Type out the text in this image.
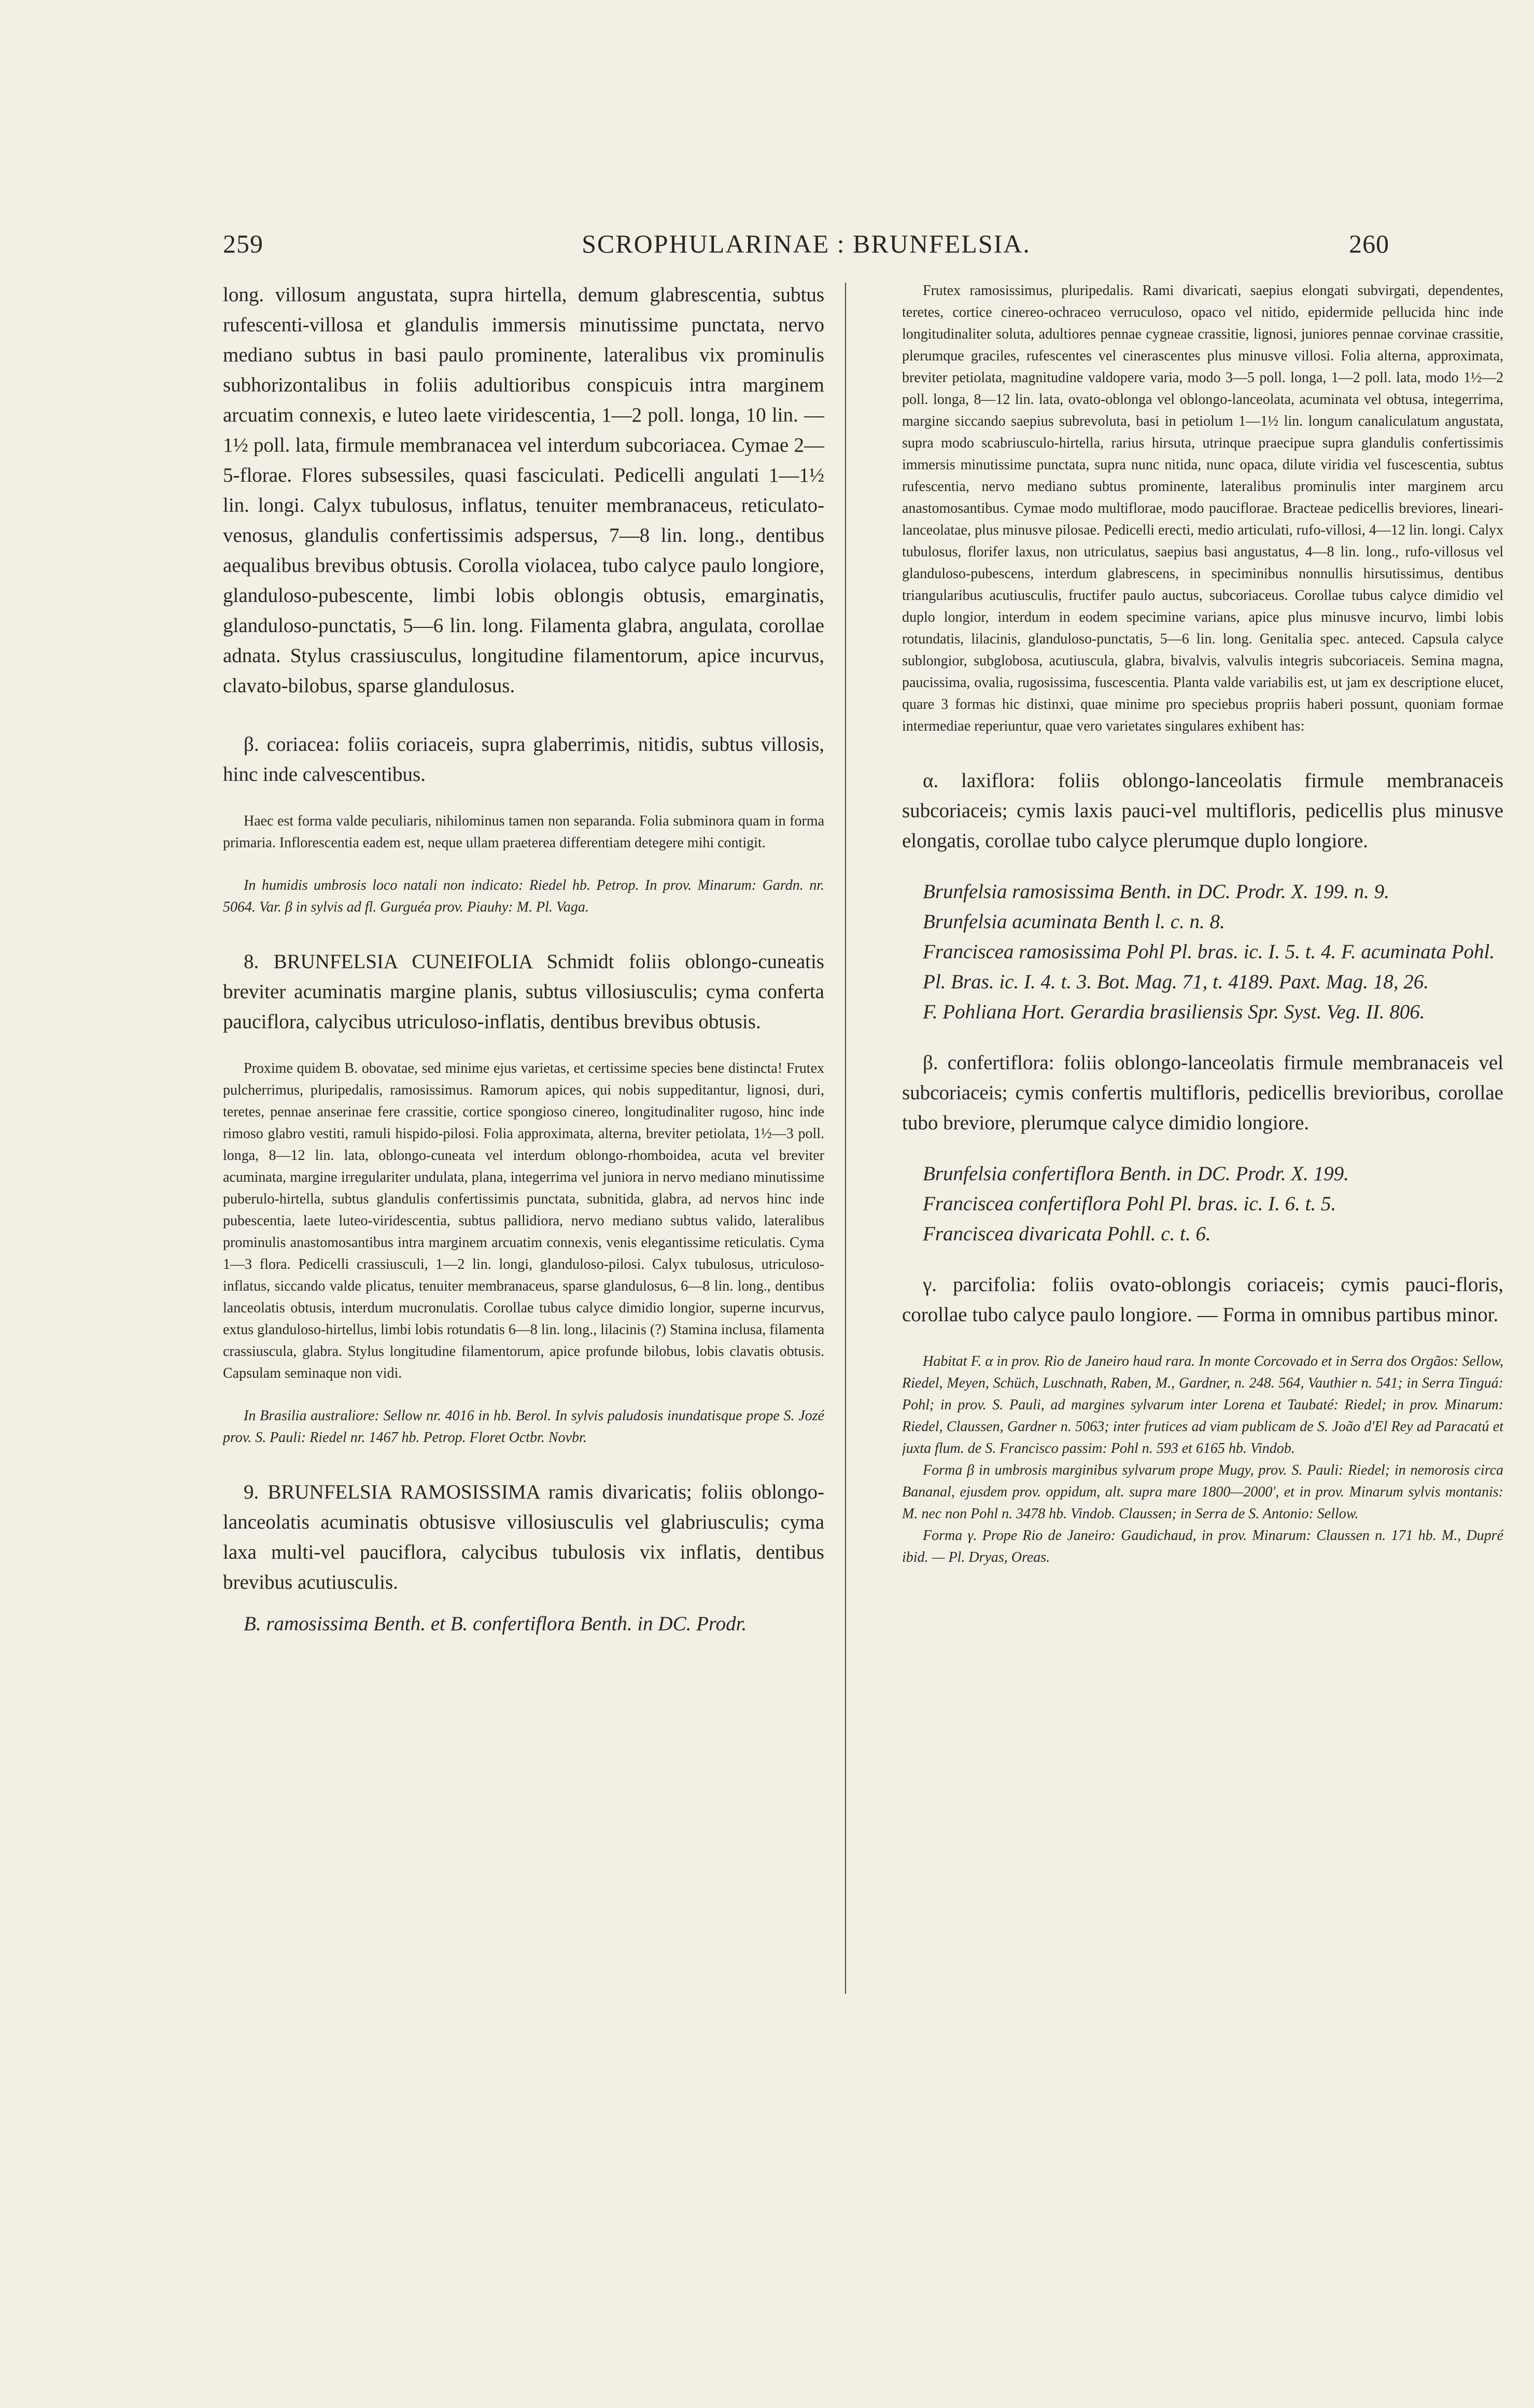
259	SCROPHULARINAE : BRUNFELSIA.	260

long. villosum angustata, supra hirtella, demum glabrescentia, subtus rufescenti-villosa et glandulis immersis minutissime punctata, nervo mediano subtus in basi paulo prominente, lateralibus vix prominulis subhorizontalibus in foliis adultioribus conspicuis intra marginem arcuatim connexis, e luteo laete viridescentia, 1—2 poll. longa, 10 lin. — 1½ poll. lata, firmule membranacea vel interdum subcoriacea. Cymae 2—5-florae. Flores subsessiles, quasi fasciculati. Pedicelli angulati 1—1½ lin. longi. Calyx tubulosus, inflatus, tenuiter membranaceus, reticulato-venosus, glandulis confertissimis adspersus, 7—8 lin. long., dentibus aequalibus brevibus obtusis. Corolla violacea, tubo calyce paulo longiore, glanduloso-pubescente, limbi lobis oblongis obtusis, emarginatis, glanduloso-punctatis, 5—6 lin. long. Filamenta glabra, angulata, corollae adnata. Stylus crassiusculus, longitudine filamentorum, apice incurvus, clavato-bilobus, sparse glandulosus.

β. coriacea: foliis coriaceis, supra glaberrimis, nitidis, subtus villosis, hinc inde calvescentibus.

Haec est forma valde peculiaris, nihilominus tamen non separanda. Folia subminora quam in forma primaria. Inflorescentia eadem est, neque ullam praeterea differentiam detegere mihi contigit.

In humidis umbrosis loco natali non indicato: Riedel hb. Petrop. In prov. Minarum: Gardn. nr. 5064. Var. β in sylvis ad fl. Gurguéa prov. Piauhy: M. Pl. Vaga.

8. BRUNFELSIA CUNEIFOLIA Schmidt foliis oblongo-cuneatis breviter acuminatis margine planis, subtus villosiusculis; cyma conferta pauciflora, calycibus utriculoso-inflatis, dentibus brevibus obtusis.

Proxime quidem B. obovatae, sed minime ejus varietas, et certissime species bene distincta! Frutex pulcherrimus, pluripedalis, ramosissimus. Ramorum apices, qui nobis suppeditantur, lignosi, duri, teretes, pennae anserinae fere crassitie, cortice spongioso cinereo, longitudinaliter rugoso, hinc inde rimoso glabro vestiti, ramuli hispido-pilosi. Folia approximata, alterna, breviter petiolata, 1½—3 poll. longa, 8—12 lin. lata, oblongo-cuneata vel interdum oblongo-rhomboidea, acuta vel breviter acuminata, margine irregulariter undulata, plana, integerrima vel juniora in nervo mediano minutissime puberulo-hirtella, subtus glandulis confertissimis punctata, subnitida, glabra, ad nervos hinc inde pubescentia, laete luteo-viridescentia, subtus pallidiora, nervo mediano subtus valido, lateralibus prominulis anastomosantibus intra marginem arcuatim connexis, venis elegantissime reticulatis. Cyma 1—3 flora. Pedicelli crassiusculi, 1—2 lin. longi, glanduloso-pilosi. Calyx tubulosus, utriculoso-inflatus, siccando valde plicatus, tenuiter membranaceus, sparse glandulosus, 6—8 lin. long., dentibus lanceolatis obtusis, interdum mucronulatis. Corollae tubus calyce dimidio longior, superne incurvus, extus glanduloso-hirtellus, limbi lobis rotundatis 6—8 lin. long., lilacinis (?) Stamina inclusa, filamenta crassiuscula, glabra. Stylus longitudine filamentorum, apice profunde bilobus, lobis clavatis obtusis. Capsulam seminaque non vidi.

In Brasilia australiore: Sellow nr. 4016 in hb. Berol. In sylvis paludosis inundatisque prope S. Jozé prov. S. Pauli: Riedel nr. 1467 hb. Petrop. Floret Octbr. Novbr.

9. BRUNFELSIA RAMOSISSIMA ramis divaricatis; foliis oblongo-lanceolatis acuminatis obtusisve villosiusculis vel glabriusculis; cyma laxa multi-vel pauciflora, calycibus tubulosis vix inflatis, dentibus brevibus acutiusculis.

B. ramosissima Benth. et B. confertiflora Benth. in DC. Prodr.

Frutex ramosissimus, pluripedalis. Rami divaricati, saepius elongati subvirgati, dependentes, teretes, cortice cinereo-ochraceo verruculoso, opaco vel nitido, epidermide pellucida hinc inde longitudinaliter soluta, adultiores pennae cygneae crassitie, lignosi, juniores pennae corvinae crassitie, plerumque graciles, rufescentes vel cinerascentes plus minusve villosi. Folia alterna, approximata, breviter petiolata, magnitudine valdopere varia, modo 3—5 poll. longa, 1—2 poll. lata, modo 1½—2 poll. longa, 8—12 lin. lata, ovato-oblonga vel oblongo-lanceolata, acuminata vel obtusa, integerrima, margine siccando saepius subrevoluta, basi in petiolum 1—1½ lin. longum canaliculatum angustata, supra modo scabriusculo-hirtella, rarius hirsuta, utrinque praecipue supra glandulis confertissimis immersis minutissime punctata, supra nunc nitida, nunc opaca, dilute viridia vel fuscescentia, subtus rufescentia, nervo mediano subtus prominente, lateralibus prominulis inter marginem arcu anastomosantibus. Cymae modo multiflorae, modo pauciflorae. Bracteae pedicellis breviores, lineari-lanceolatae, plus minusve pilosae. Pedicelli erecti, medio articulati, rufo-villosi, 4—12 lin. longi. Calyx tubulosus, florifer laxus, non utriculatus, saepius basi angustatus, 4—8 lin. long., rufo-villosus vel glanduloso-pubescens, interdum glabrescens, in speciminibus nonnullis hirsutissimus, dentibus triangularibus acutiusculis, fructifer paulo auctus, subcoriaceus. Corollae tubus calyce dimidio vel duplo longior, interdum in eodem specimine varians, apice plus minusve incurvo, limbi lobis rotundatis, lilacinis, glanduloso-punctatis, 5—6 lin. long. Genitalia spec. anteced. Capsula calyce sublongior, subglobosa, acutiuscula, glabra, bivalvis, valvulis integris subcoriaceis. Semina magna, paucissima, ovalia, rugosissima, fuscescentia. Planta valde variabilis est, ut jam ex descriptione elucet, quare 3 formas hic distinxi, quae minime pro speciebus propriis haberi possunt, quoniam formae intermediae reperiuntur, quae vero varietates singulares exhibent has:

α. laxiflora: foliis oblongo-lanceolatis firmule membranaceis subcoriaceis; cymis laxis pauci-vel multifloris, pedicellis plus minusve elongatis, corollae tubo calyce plerumque duplo longiore.

Brunfelsia ramosissima Benth. in DC. Prodr. X. 199. n. 9.

Brunfelsia acuminata Benth l. c. n. 8.

Franciscea ramosissima Pohl Pl. bras. ic. I. 5. t. 4. F. acuminata Pohl. Pl. Bras. ic. I. 4. t. 3. Bot. Mag. 71, t. 4189. Paxt. Mag. 18, 26.

F. Pohliana Hort. Gerardia brasiliensis Spr. Syst. Veg. II. 806.

β. confertiflora: foliis oblongo-lanceolatis firmule membranaceis vel subcoriaceis; cymis confertis multifloris, pedicellis brevioribus, corollae tubo breviore, plerumque calyce dimidio longiore.

Brunfelsia confertiflora Benth. in DC. Prodr. X. 199.

Franciscea confertiflora Pohl Pl. bras. ic. I. 6. t. 5.

Franciscea divaricata Pohll. c. t. 6.

γ. parcifolia: foliis ovato-oblongis coriaceis; cymis pauci-floris, corollae tubo calyce paulo longiore. — Forma in omnibus partibus minor.

Habitat F. α in prov. Rio de Janeiro haud rara. In monte Corcovado et in Serra dos Orgãos: Sellow, Riedel, Meyen, Schüch, Luschnath, Raben, M., Gardner, n. 248. 564, Vauthier n. 541; in Serra Tinguá: Pohl; in prov. S. Pauli, ad margines sylvarum inter Lorena et Taubaté: Riedel; in prov. Minarum: Riedel, Claussen, Gardner n. 5063; inter frutices ad viam publicam de S. João d'El Rey ad Paracatú et juxta flum. de S. Francisco passim: Pohl n. 593 et 6165 hb. Vindob.

Forma β in umbrosis marginibus sylvarum prope Mugy, prov. S. Pauli: Riedel; in nemorosis circa Bananal, ejusdem prov. oppidum, alt. supra mare 1800—2000', et in prov. Minarum sylvis montanis: M. nec non Pohl n. 3478 hb. Vindob. Claussen; in Serra de S. Antonio: Sellow.

Forma γ. Prope Rio de Janeiro: Gaudichaud, in prov. Minarum: Claussen n. 171 hb. M., Dupré ibid. — Pl. Dryas, Oreas.
